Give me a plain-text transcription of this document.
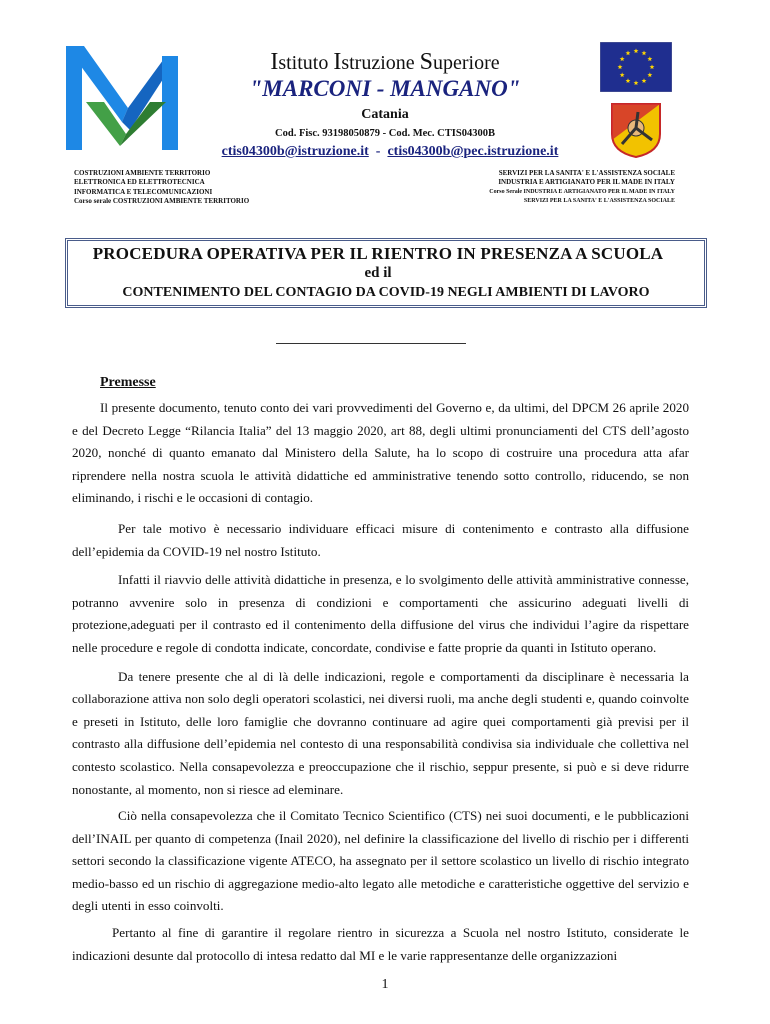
Istituto Istruzione Superiore
"MARCONI - MANGANO"
Catania
Cod. Fisc. 93198050879 - Cod. Mec. CTIS04300B
ctis04300b@istruzione.it  -  ctis04300b@pec.istruzione.it
COSTRUZIONI AMBIENTE TERRITORIO
ELETTRONICA ED ELETTROTECNICA
INFORMATICA E TELECOMUNICAZIONI
Corso serale COSTRUZIONI AMBIENTE TERRITORIO
SERVIZI PER LA SANITA' E L'ASSISTENZA SOCIALE
INDUSTRIA E ARTIGIANATO PER IL MADE IN ITALY
Corso Serale INDUSTRIA E ARTIGIANATO PER IL MADE IN ITALY
SERVIZI PER LA SANITA' E L'ASSISTENZA SOCIALE
PROCEDURA OPERATIVA PER IL RIENTRO IN PRESENZA A SCUOLA
ed il
CONTENIMENTO DEL CONTAGIO DA COVID-19 NEGLI AMBIENTI DI LAVORO
Premesse

Il presente documento, tenuto conto dei vari provvedimenti del Governo e, da ultimi, del DPCM 26 aprile 2020 e del Decreto Legge “Rilancia Italia” del 13 maggio 2020, art 88, degli ultimi pronunciamenti del CTS dell’agosto 2020, nonché di quanto emanato dal Ministero della Salute, ha lo scopo di costruire una procedura atta afar riprendere nella nostra scuola le attività didattiche ed amministrative tenendo sotto controllo, riducendo, se non eliminando, i rischi e le occasioni di contagio.

Per tale motivo è necessario individuare efficaci misure di contenimento e contrasto alla diffusione dell’epidemia da COVID-19 nel nostro Istituto.

Infatti il riavvio delle attività didattiche in presenza, e lo svolgimento delle attività amministrative connesse, potranno avvenire solo in presenza di condizioni e comportamenti che assicurino adeguati livelli di protezione,adeguati per il contrasto ed il contenimento della diffusione del virus che individui l’agire da rispettare nelle procedure e regole di condotta indicate, concordate, condivise e fatte proprie da quanti in Istituto operano.

Da tenere presente che al di là delle indicazioni, regole e comportamenti da disciplinare è necessaria la collaborazione attiva non solo degli operatori scolastici, nei diversi ruoli, ma anche degli studenti e, quando coinvolte e preseti in Istituto, delle loro famiglie che dovranno continuare ad agire quei comportamenti già previsi per il contrasto alla diffusione dell’epidemia nel contesto di una responsabilità condivisa sia individuale che collettiva nel contesto scolastico. Nella consapevolezza e preoccupazione che il rischio, seppur presente, si può e si deve ridurre nonostante, al momento, non si riesce ad eleminare.

Ciò nella consapevolezza che il Comitato Tecnico Scientifico (CTS) nei suoi documenti, e le pubblicazioni dell’INAIL per quanto di competenza (Inail 2020), nel definire la classificazione del livello di rischio per i differenti settori secondo la classificazione vigente ATECO, ha assegnato per il settore scolastico un livello di rischio integrato medio-basso ed un rischio di aggregazione medio-alto legato alle metodiche e caratteristiche oggettive del servizio e degli utenti in esso coinvolti.

Pertanto al fine di garantire il regolare rientro in sicurezza a Scuola nel nostro Istituto, considerate le indicazioni desunte dal protocollo di intesa redatto dal MI e le varie rappresentanze delle organizzazioni

1
